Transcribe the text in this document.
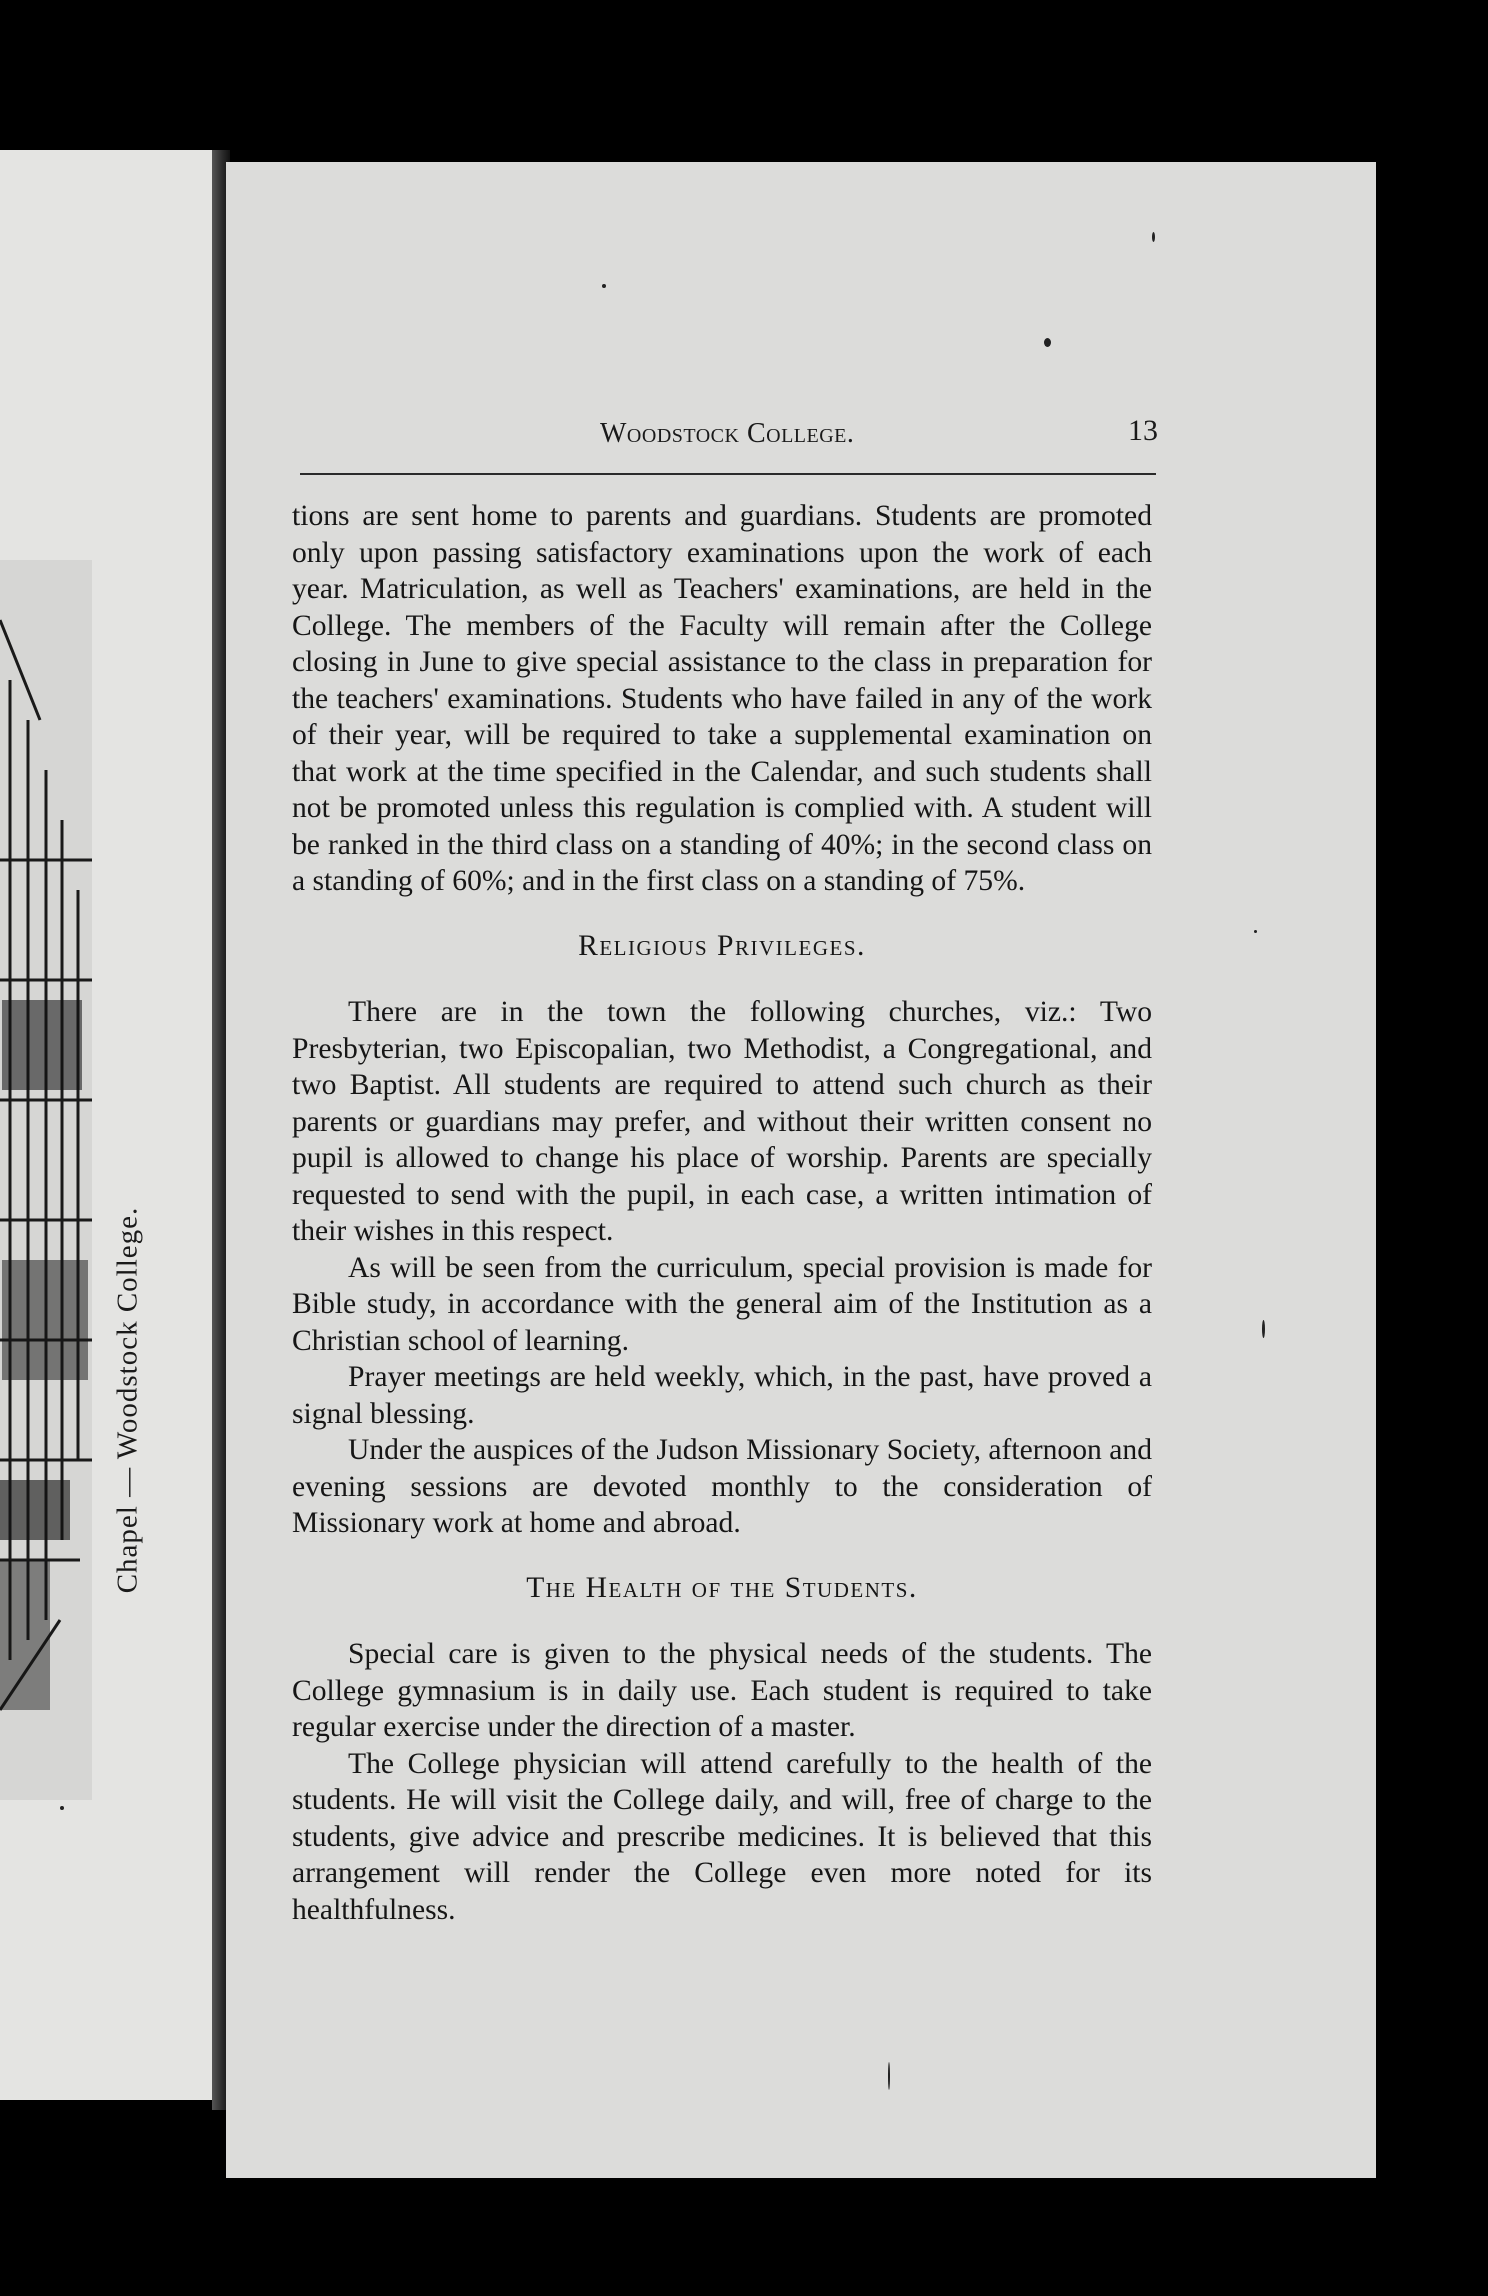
Chapel — Woodstock College.
Woodstock College.	13

tions are sent home to parents and guardians. Students are promoted only upon passing satisfactory examinations upon the work of each year. Matriculation, as well as Teachers' examinations, are held in the College. The members of the Faculty will remain after the College closing in June to give special assistance to the class in preparation for the teachers' examinations. Students who have failed in any of the work of their year, will be required to take a supplemental examination on that work at the time specified in the Calendar, and such students shall not be promoted unless this regulation is complied with. A student will be ranked in the third class on a standing of 40%; in the second class on a standing of 60%; and in the first class on a standing of 75%.

Religious Privileges.

There are in the town the following churches, viz.: Two Presbyterian, two Episcopalian, two Methodist, a Congregational, and two Baptist. All students are required to attend such church as their parents or guardians may prefer, and without their written consent no pupil is allowed to change his place of worship. Parents are specially requested to send with the pupil, in each case, a written intimation of their wishes in this respect.

As will be seen from the curriculum, special provision is made for Bible study, in accordance with the general aim of the Institution as a Christian school of learning.

Prayer meetings are held weekly, which, in the past, have proved a signal blessing.

Under the auspices of the Judson Missionary Society, afternoon and evening sessions are devoted monthly to the consideration of Missionary work at home and abroad.

The Health of the Students.

Special care is given to the physical needs of the students. The College gymnasium is in daily use. Each student is required to take regular exercise under the direction of a master.

The College physician will attend carefully to the health of the students. He will visit the College daily, and will, free of charge to the students, give advice and prescribe medicines. It is believed that this arrangement will render the College even more noted for its healthfulness.
